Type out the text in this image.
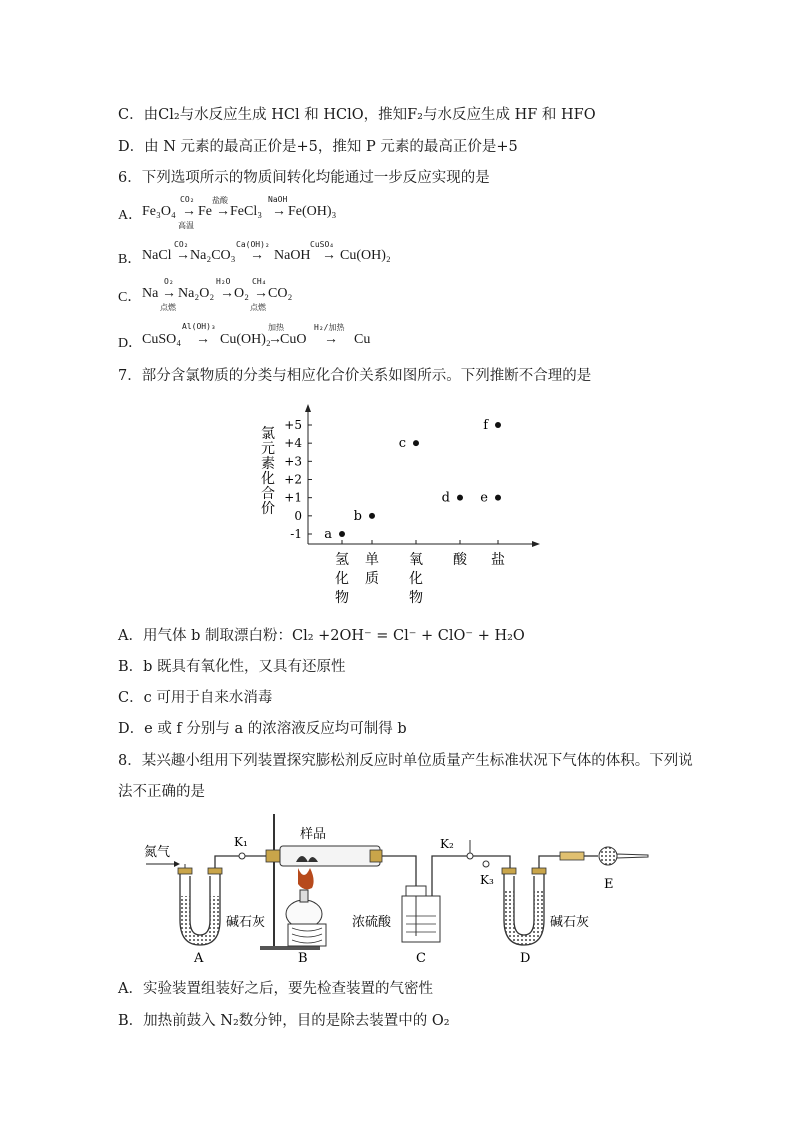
C．由Cl₂与水反应生成 HCl 和 HClO，推知F₂与水反应生成 HF 和 HFO
D．由 N 元素的最高正价是+5，推知 P 元素的最高正价是+5
6．下列选项所示的物质间转化均能通过一步反应实现的是
A． Fe₃O₄
CO₂
→
高温
Fe
盐酸
→ FeCl₃
NaOH
→ Fe(OH)₃
B． NaCl
CO₂
→ Na₂CO₃
Ca(OH)₂
→ NaOH
CuSO₄
→ Cu(OH)₂
C． Na
O₂
→
点燃
Na₂O₂
H₂O
→ O₂
CH₄
→
点燃
CO₂
D． CuSO₄
Al(OH)₃
→ Cu(OH)₂
加热
→
CuO
H₂/加热
→ Cu
7．部分含氯物质的分类与相应化合价关系如图所示。下列推断不合理的是
+5
+4
+3
+2
+1
0
-1
氯
元
素
化
合
价
氢
化
物
单
质
氧
化
物
酸 盐
a
b
c
d e
f
A．用气体 b 制取漂白粉：Cl₂ +2OH⁻ = Cl⁻ + ClO⁻ + H₂O
B．b 既具有氧化性，又具有还原性
C．c 可用于自来水消毒
D．e 或 f 分别与 a 的浓溶液反应均可制得 b
8．某兴趣小组用下列装置探究膨松剂反应时单位质量产生标准状况下气体的体积。下列说
法不正确的是
氮气
碱石灰
A
K₁	样品
B
浓硫酸
C
K₂
K₃
碱石灰
D
E
A．实验装置组装好之后，要先检查装置的气密性
B．加热前鼓入 N₂数分钟，目的是除去装置中的 O₂
